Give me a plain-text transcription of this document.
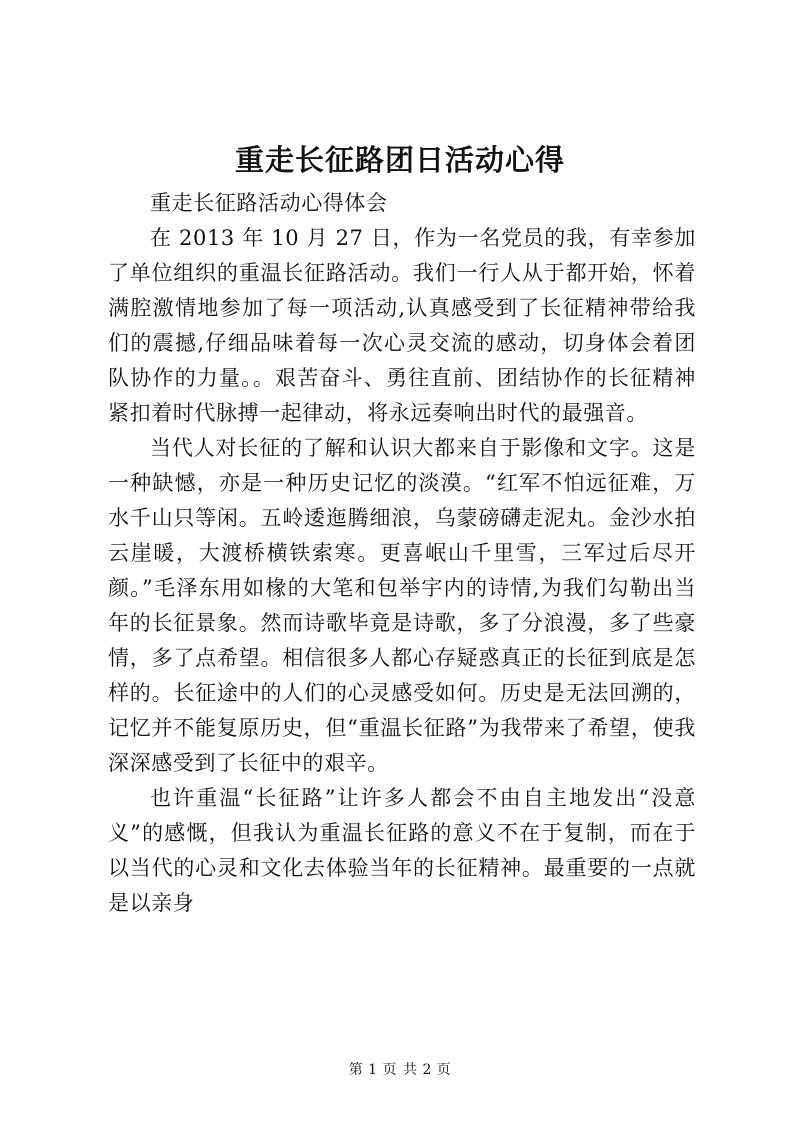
重走长征路团日活动心得

重走长征路活动心得体会

在 2013 年 10 月 27 日，作为一名党员的我，有幸参加了单位组织的重温长征路活动。我们一行人从于都开始，怀着满腔激情地参加了每一项活动,认真感受到了长征精神带给我们的震撼,仔细品味着每一次心灵交流的感动，切身体会着团队协作的力量。。艰苦奋斗、勇往直前、团结协作的长征精神紧扣着时代脉搏一起律动，将永远奏响出时代的最强音。

当代人对长征的了解和认识大都来自于影像和文字。这是一种缺憾，亦是一种历史记忆的淡漠。“红军不怕远征难，万水千山只等闲。五岭逶迤腾细浪，乌蒙磅礴走泥丸。金沙水拍云崖暖，大渡桥横铁索寒。更喜岷山千里雪，三军过后尽开颜。”毛泽东用如椽的大笔和包举宇内的诗情,为我们勾勒出当年的长征景象。然而诗歌毕竟是诗歌，多了分浪漫，多了些豪情，多了点希望。相信很多人都心存疑惑真正的长征到底是怎样的。长征途中的人们的心灵感受如何。历史是无法回溯的，记忆并不能复原历史，但“重温长征路”为我带来了希望，使我深深感受到了长征中的艰辛。

也许重温“长征路”让许多人都会不由自主地发出“没意义”的感慨，但我认为重温长征路的意义不在于复制，而在于以当代的心灵和文化去体验当年的长征精神。最重要的一点就是以亲身

第 1 页 共 2 页
